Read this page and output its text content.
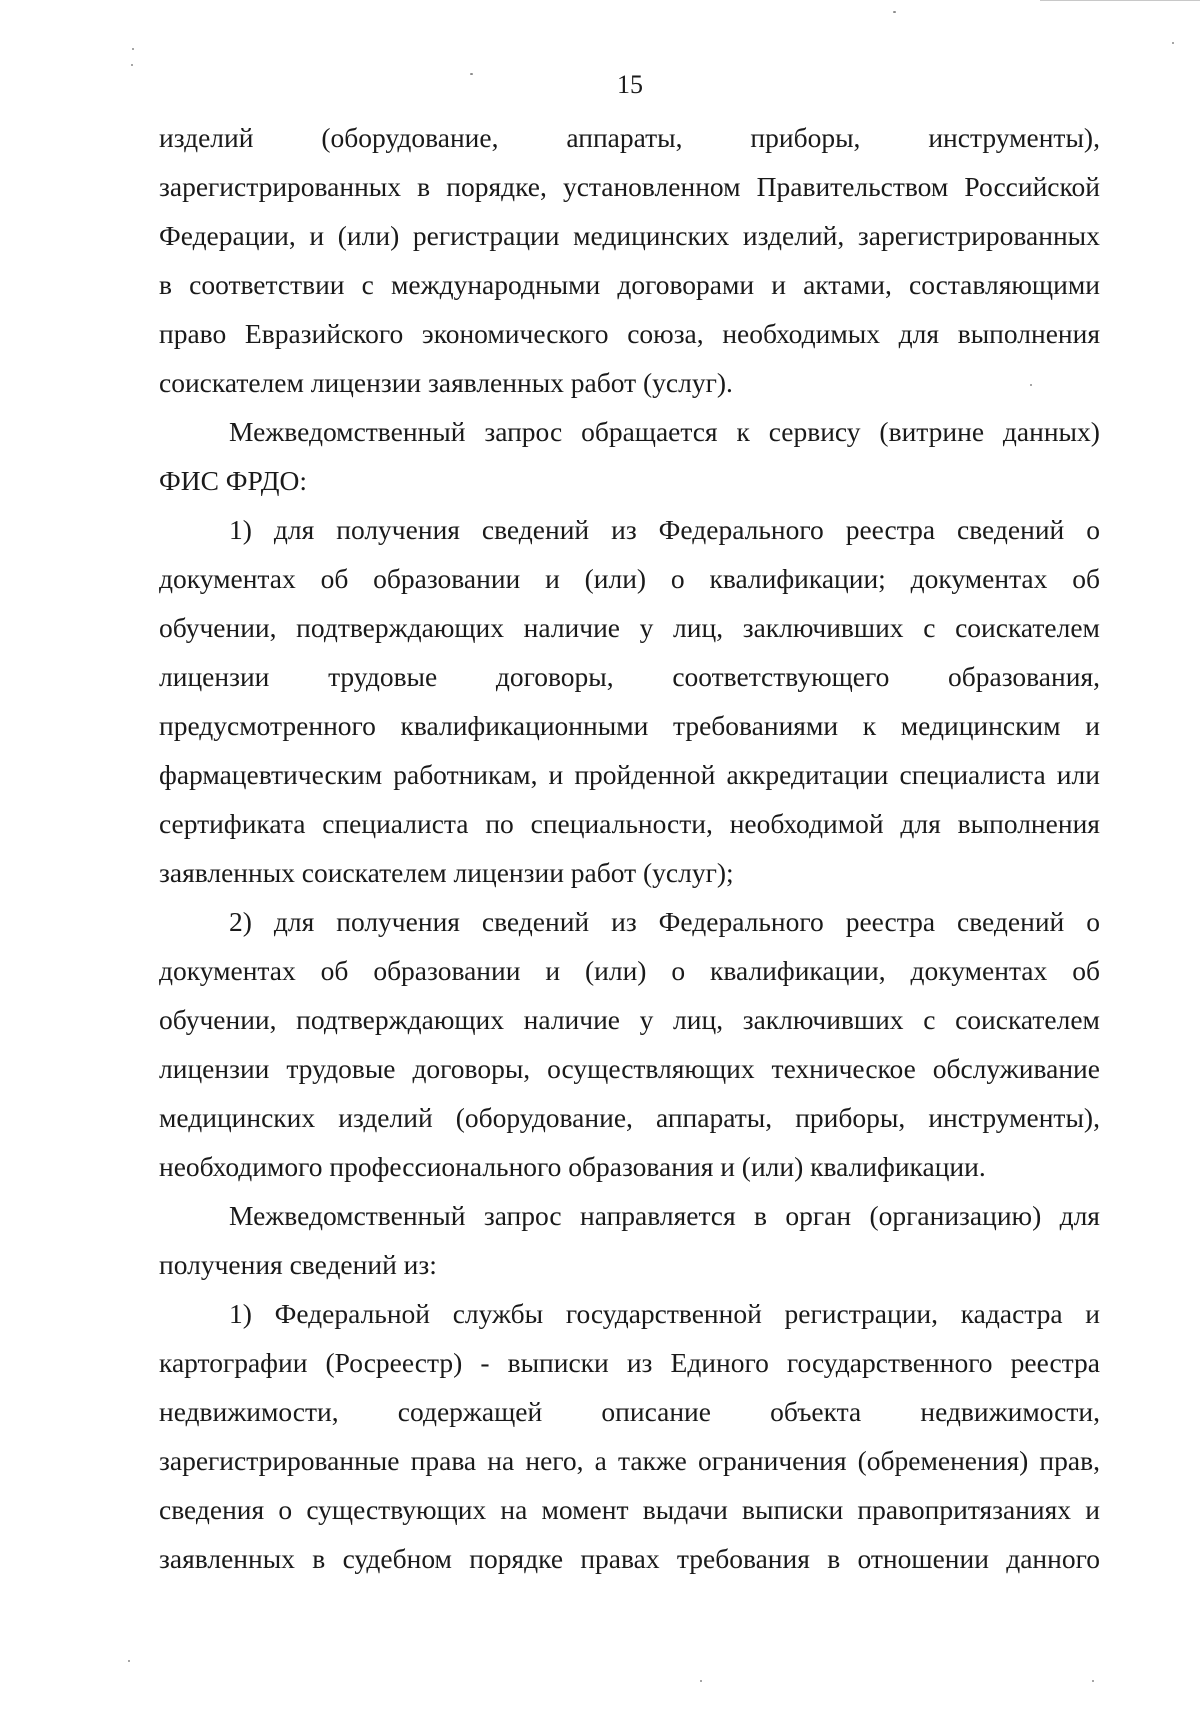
15
изделий (оборудование, аппараты, приборы, инструменты),
зарегистрированных в порядке, установленном Правительством Российской
Федерации, и (или) регистрации медицинских изделий, зарегистрированных
в соответствии с международными договорами и актами, составляющими
право Евразийского экономического союза, необходимых для выполнения
соискателем лицензии заявленных работ (услуг).
Межведомственный запрос обращается к сервису (витрине данных)
ФИС ФРДО:
1) для получения сведений из Федерального реестра сведений о
документах об образовании и (или) о квалификации; документах об
обучении, подтверждающих наличие у лиц, заключивших с соискателем
лицензии трудовые договоры, соответствующего образования,
предусмотренного квалификационными требованиями к медицинским и
фармацевтическим работникам, и пройденной аккредитации специалиста или
сертификата специалиста по специальности, необходимой для выполнения
заявленных соискателем лицензии работ (услуг);
2) для получения сведений из Федерального реестра сведений о
документах об образовании и (или) о квалификации, документах об
обучении, подтверждающих наличие у лиц, заключивших с соискателем
лицензии трудовые договоры, осуществляющих техническое обслуживание
медицинских изделий (оборудование, аппараты, приборы, инструменты),
необходимого профессионального образования и (или) квалификации.
Межведомственный запрос направляется в орган (организацию) для
получения сведений из:
1) Федеральной службы государственной регистрации, кадастра и
картографии (Росреестр) - выписки из Единого государственного реестра
недвижимости, содержащей описание объекта недвижимости,
зарегистрированные права на него, а также ограничения (обременения) прав,
сведения о существующих на момент выдачи выписки правопритязаниях и
заявленных в судебном порядке правах требования в отношении данного
